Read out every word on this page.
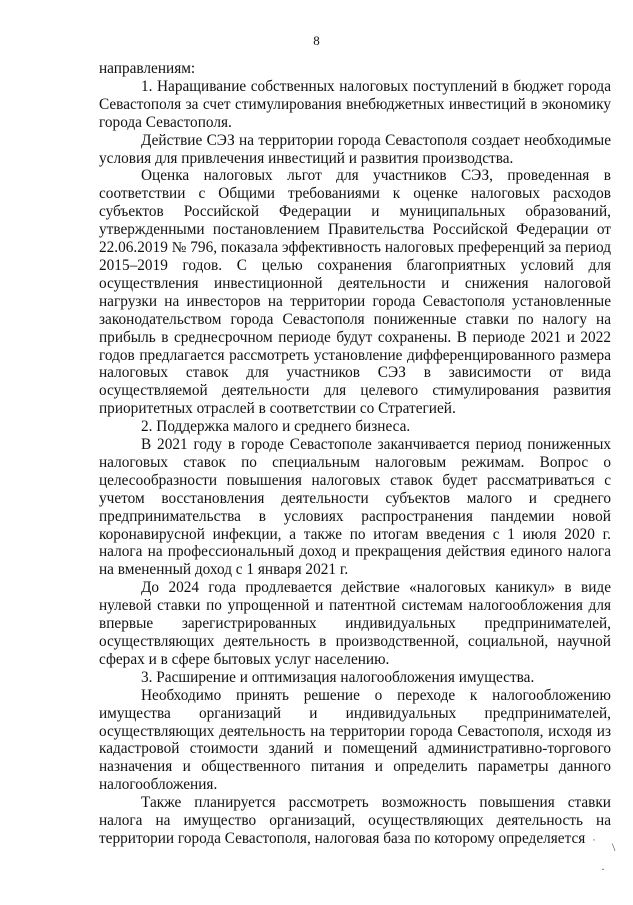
8

направлениям:

1. Наращивание собственных налоговых поступлений в бюджет города Севастополя за счет стимулирования внебюджетных инвестиций в экономику города Севастополя.

Действие СЭЗ на территории города Севастополя создает необходимые условия для привлечения инвестиций и развития производства.

Оценка налоговых льгот для участников СЭЗ, проведенная в соответствии с Общими требованиями к оценке налоговых расходов субъектов Российской Федерации и муниципальных образований, утвержденными постановлением Правительства Российской Федерации от 22.06.2019 № 796, показала эффективность налоговых преференций за период 2015–2019 годов. С целью сохранения благоприятных условий для осуществления инвестиционной деятельности и снижения налоговой нагрузки на инвесторов на территории города Севастополя установленные законодательством города Севастополя пониженные ставки по налогу на прибыль в среднесрочном периоде будут сохранены. В периоде 2021 и 2022 годов предлагается рассмотреть установление дифференцированного размера налоговых ставок для участников СЭЗ в зависимости от вида осуществляемой деятельности для целевого стимулирования развития приоритетных отраслей в соответствии со Стратегией.

2. Поддержка малого и среднего бизнеса.

В 2021 году в городе Севастополе заканчивается период пониженных налоговых ставок по специальным налоговым режимам. Вопрос о целесообразности повышения налоговых ставок будет рассматриваться с учетом восстановления деятельности субъектов малого и среднего предпринимательства в условиях распространения пандемии новой коронавирусной инфекции, а также по итогам введения с 1 июля 2020 г. налога на профессиональный доход и прекращения действия единого налога на вмененный доход с 1 января 2021 г.

До 2024 года продлевается действие «налоговых каникул» в виде нулевой ставки по упрощенной и патентной системам налогообложения для впервые зарегистрированных индивидуальных предпринимателей, осуществляющих деятельность в производственной, социальной, научной сферах и в сфере бытовых услуг населению.

3. Расширение и оптимизация налогообложения имущества.

Необходимо принять решение о переходе к налогообложению имущества организаций и индивидуальных предпринимателей, осуществляющих деятельность на территории города Севастополя, исходя из кадастровой стоимости зданий и помещений административно-торгового назначения и общественного питания и определить параметры данного налогообложения.

Также планируется рассмотреть возможность повышения ставки налога на имущество организаций, осуществляющих деятельность на территории города Севастополя, налоговая база по которому определяется ˙ \
·
